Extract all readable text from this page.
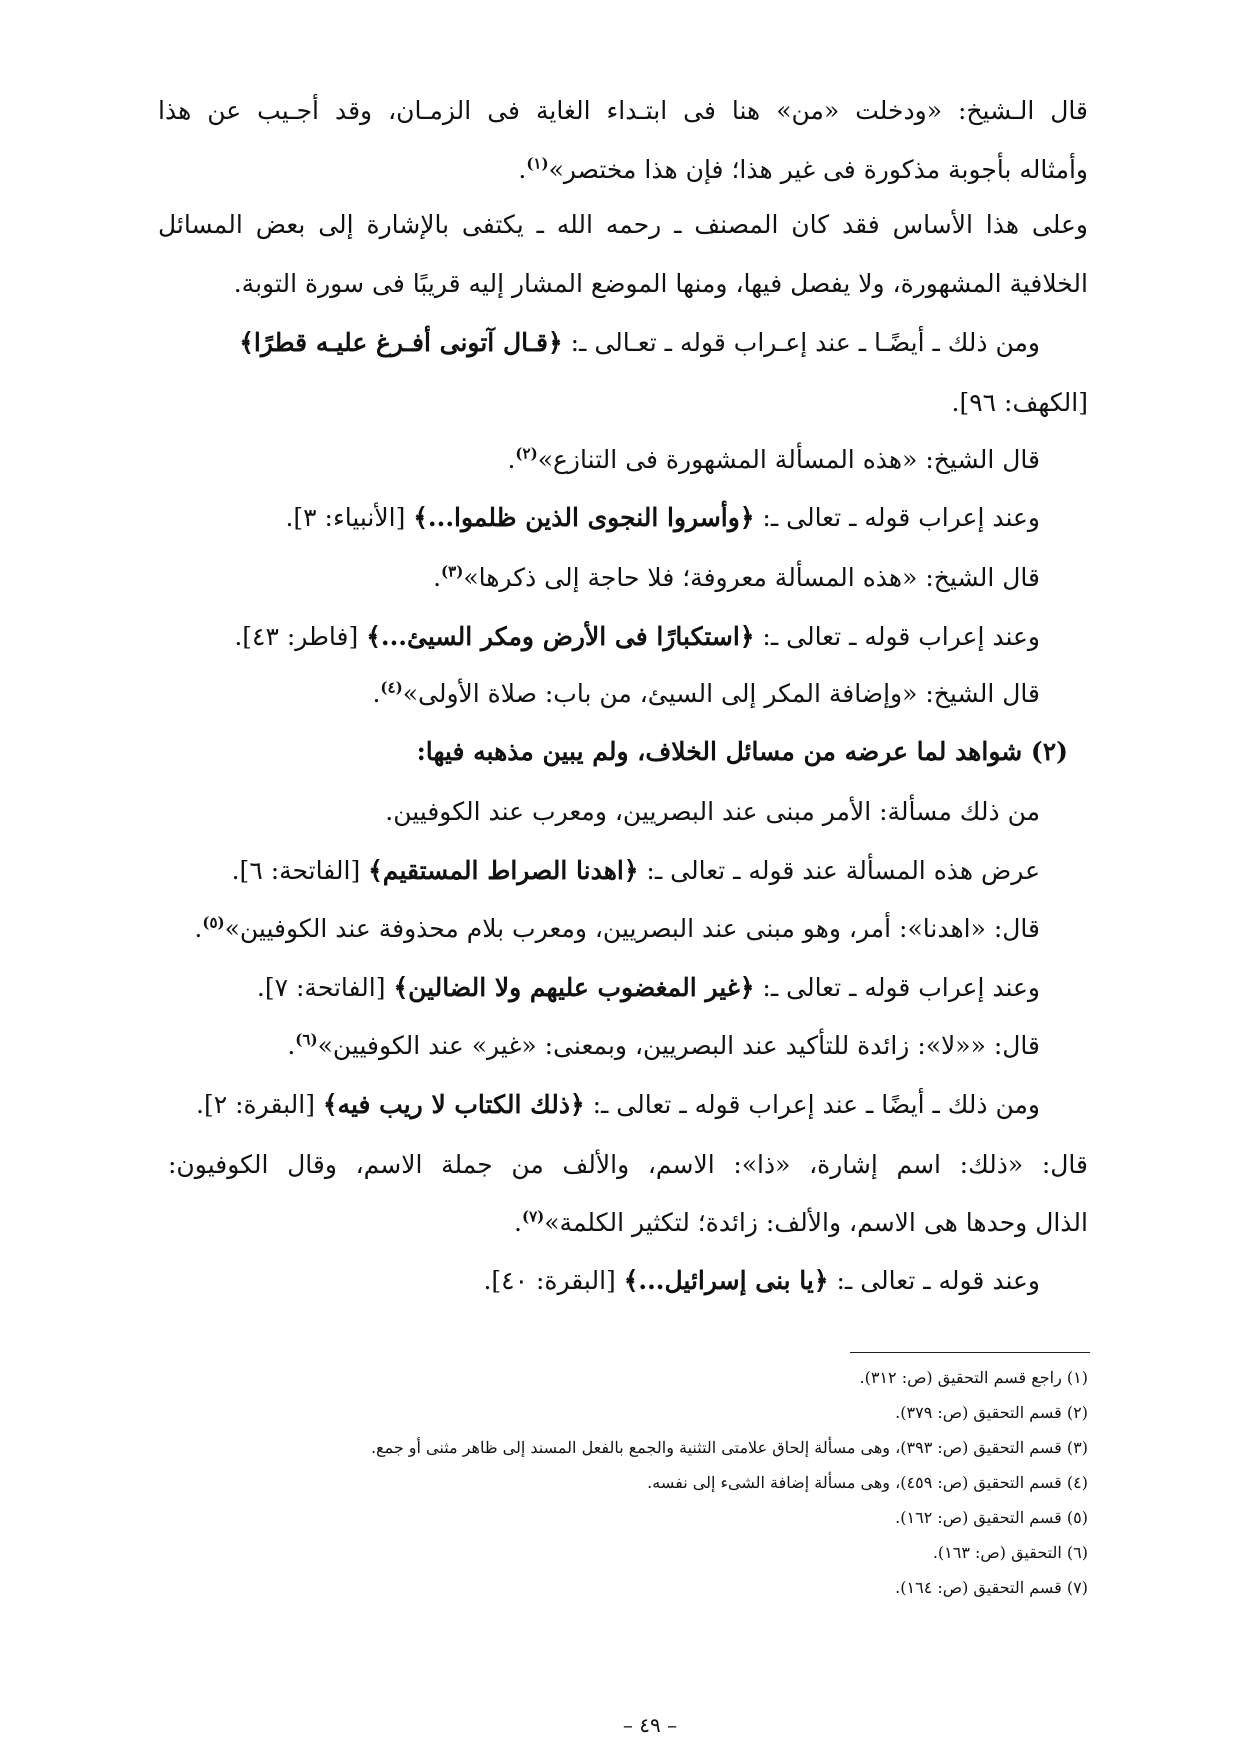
قال الـشيخ: «ودخلت «من» هنا فى ابتـداء الغاية فى الزمـان، وقد أجـيب عن هذا
وأمثاله بأجوبة مذكورة فى غير هذا؛ فإن هذا مختصر»$^{(١)}$.
وعلى هذا الأساس فقد كان المصنف ـ رحمه الله ـ يكتفى بالإشارة إلى بعض المسائل
الخلافية المشهورة، ولا يفصل فيها، ومنها الموضع المشار إليه قريبًا فى سورة التوبة.
ومن ذلك ـ أيضًـا ـ عند إعـراب قوله ـ تعـالى ـ: ﴿قـال آتونى أفـرغ عليـه قطرًا﴾
[الكهف: ٩٦].
قال الشيخ: «هذه المسألة المشهورة فى التنازع»$^{(٢)}$.
وعند إعراب قوله ـ تعالى ـ: ﴿وأسروا النجوى الذين ظلموا...﴾ [الأنبياء: ٣].
قال الشيخ: «هذه المسألة معروفة؛ فلا حاجة إلى ذكرها»$^{(٣)}$.
وعند إعراب قوله ـ تعالى ـ: ﴿استكبارًا فى الأرض ومكر السيئ...﴾ [فاطر: ٤٣].
قال الشيخ: «وإضافة المكر إلى السيئ، من باب: صلاة الأولى»$^{(٤)}$.
(٢) شواهد لما عرضه من مسائل الخلاف، ولم يبين مذهبه فيها:
من ذلك مسألة: الأمر مبنى عند البصريين، ومعرب عند الكوفيين.
عرض هذه المسألة عند قوله ـ تعالى ـ: ﴿اهدنا الصراط المستقيم﴾ [الفاتحة: ٦].
قال: «اهدنا»: أمر، وهو مبنى عند البصريين، ومعرب بلام محذوفة عند الكوفيين»$^{(٥)}$.
وعند إعراب قوله ـ تعالى ـ: ﴿غير المغضوب عليهم ولا الضالين﴾ [الفاتحة: ٧].
قال: ««لا»: زائدة للتأكيد عند البصريين، وبمعنى: «غير» عند الكوفيين»$^{(٦)}$.
ومن ذلك ـ أيضًا ـ عند إعراب قوله ـ تعالى ـ: ﴿ذلك الكتاب لا ريب فيه﴾ [البقرة: ٢].
قال: «ذلك: اسم إشارة، «ذا»: الاسم، والألف من جملة الاسم، وقال الكوفيون:
الذال وحدها هى الاسم، والألف: زائدة؛ لتكثير الكلمة»$^{(٧)}$.
وعند قوله ـ تعالى ـ: ﴿يا بنى إسرائيل...﴾ [البقرة: ٤٠].
(١) راجع قسم التحقيق (ص: ٣١٢).
(٢) قسم التحقيق (ص: ٣٧٩).
(٣) قسم التحقيق (ص: ٣٩٣)، وهى مسألة إلحاق علامتى التثنية والجمع بالفعل المسند إلى ظاهر مثنى أو جمع.
(٤) قسم التحقيق (ص: ٤٥٩)، وهى مسألة إضافة الشىء إلى نفسه.
(٥) قسم التحقيق (ص: ١٦٢).
(٦) التحقيق (ص: ١٦٣).
(٧) قسم التحقيق (ص: ١٦٤).
– ٤٩ –
